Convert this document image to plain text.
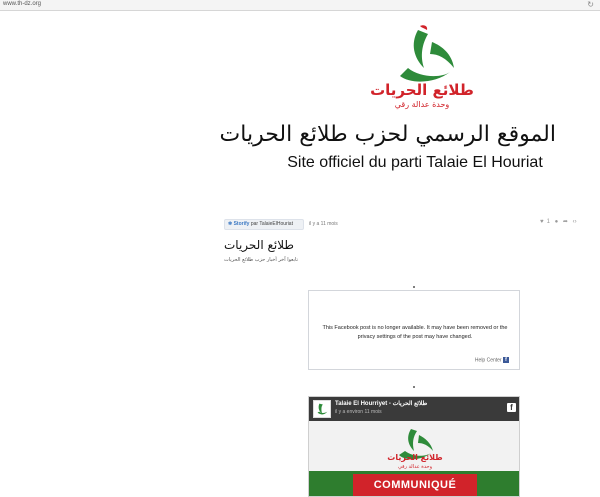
www.th-dz.org	↻
طلائع الحريات
وحدة عدالة رقي
الموقع الرسمي لحزب طلائع الحريات
Site officiel du parti Talaie El Houriat
✽ Storify par TalaieElHouriat	il y a 11 mois	♥ 1 ● ➦ ‹›
طلائع الحريات
تابعوا آخر أخبار حزب طلائع الحريات
This Facebook post is no longer available. It may have been removed or the privacy settings of the post may have changed.
Help Center f
Talaie El Hourriyet - طلائع الحريات
il y a environ 11 mois	f
طلائع الحريات
وحدة عدالة رقي
COMMUNIQUÉ
